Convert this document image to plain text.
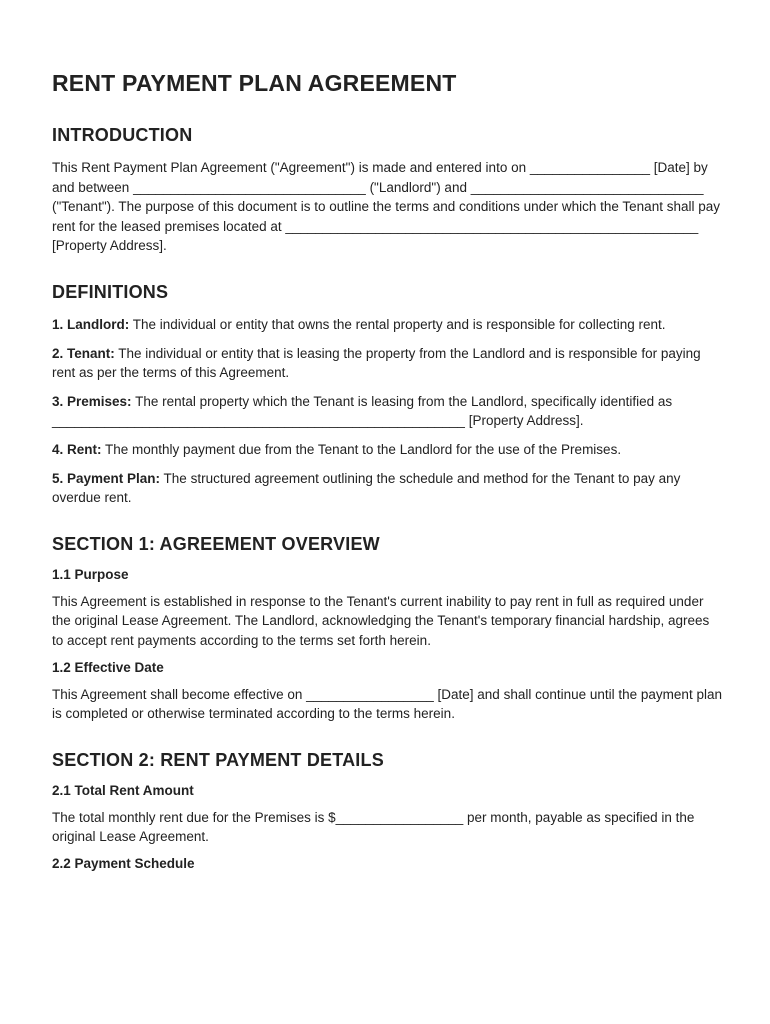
RENT PAYMENT PLAN AGREEMENT
INTRODUCTION

This Rent Payment Plan Agreement ("Agreement") is made and entered into on ________________ [Date] by and between _______________________________ ("Landlord") and _______________________________ ("Tenant"). The purpose of this document is to outline the terms and conditions under which the Tenant shall pay rent for the leased premises located at _______________________________________________________ [Property Address].

DEFINITIONS

1. Landlord: The individual or entity that owns the rental property and is responsible for collecting rent.

2. Tenant: The individual or entity that is leasing the property from the Landlord and is responsible for paying rent as per the terms of this Agreement.

3. Premises: The rental property which the Tenant is leasing from the Landlord, specifically identified as _______________________________________________________ [Property Address].

4. Rent: The monthly payment due from the Tenant to the Landlord for the use of the Premises.

5. Payment Plan: The structured agreement outlining the schedule and method for the Tenant to pay any overdue rent.

SECTION 1: AGREEMENT OVERVIEW
1.1 Purpose

This Agreement is established in response to the Tenant's current inability to pay rent in full as required under the original Lease Agreement. The Landlord, acknowledging the Tenant's temporary financial hardship, agrees to accept rent payments according to the terms set forth herein.

1.2 Effective Date

This Agreement shall become effective on _________________ [Date] and shall continue until the payment plan is completed or otherwise terminated according to the terms herein.

SECTION 2: RENT PAYMENT DETAILS
2.1 Total Rent Amount

The total monthly rent due for the Premises is $_________________ per month, payable as specified in the original Lease Agreement.

2.2 Payment Schedule
